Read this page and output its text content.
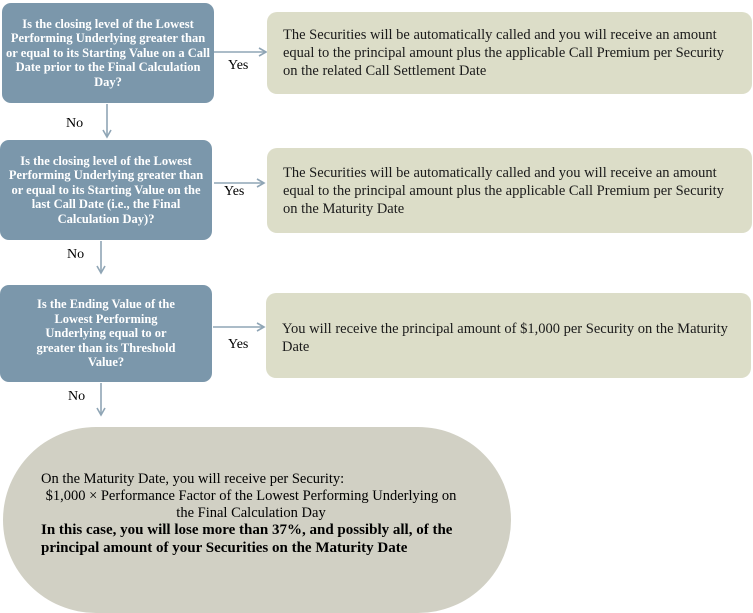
Is the closing level of the Lowest Performing Underlying greater than or equal to its Starting Value on a Call Date prior to the Final Calculation Day?
Is the closing level of the Lowest Performing Underlying greater than or equal to its Starting Value on the last Call Date (i.e., the Final Calculation Day)?
Is the Ending Value of the Lowest Performing Underlying equal to or greater than its Threshold Value?
The Securities will be automatically called and you will receive an amount equal to the principal amount plus the applicable Call Premium per Security on the related Call Settlement Date
The Securities will be automatically called and you will receive an amount equal to the principal amount plus the applicable Call Premium per Security on the Maturity Date
You will receive the principal amount of $1,000 per Security on the Maturity Date
Yes
Yes
Yes
No
No
No
On the Maturity Date, you will receive per Security:
$1,000 × Performance Factor of the Lowest Performing Underlying on the Final Calculation Day
In this case, you will lose more than 37%, and possibly all, of the principal amount of your Securities on the Maturity Date
